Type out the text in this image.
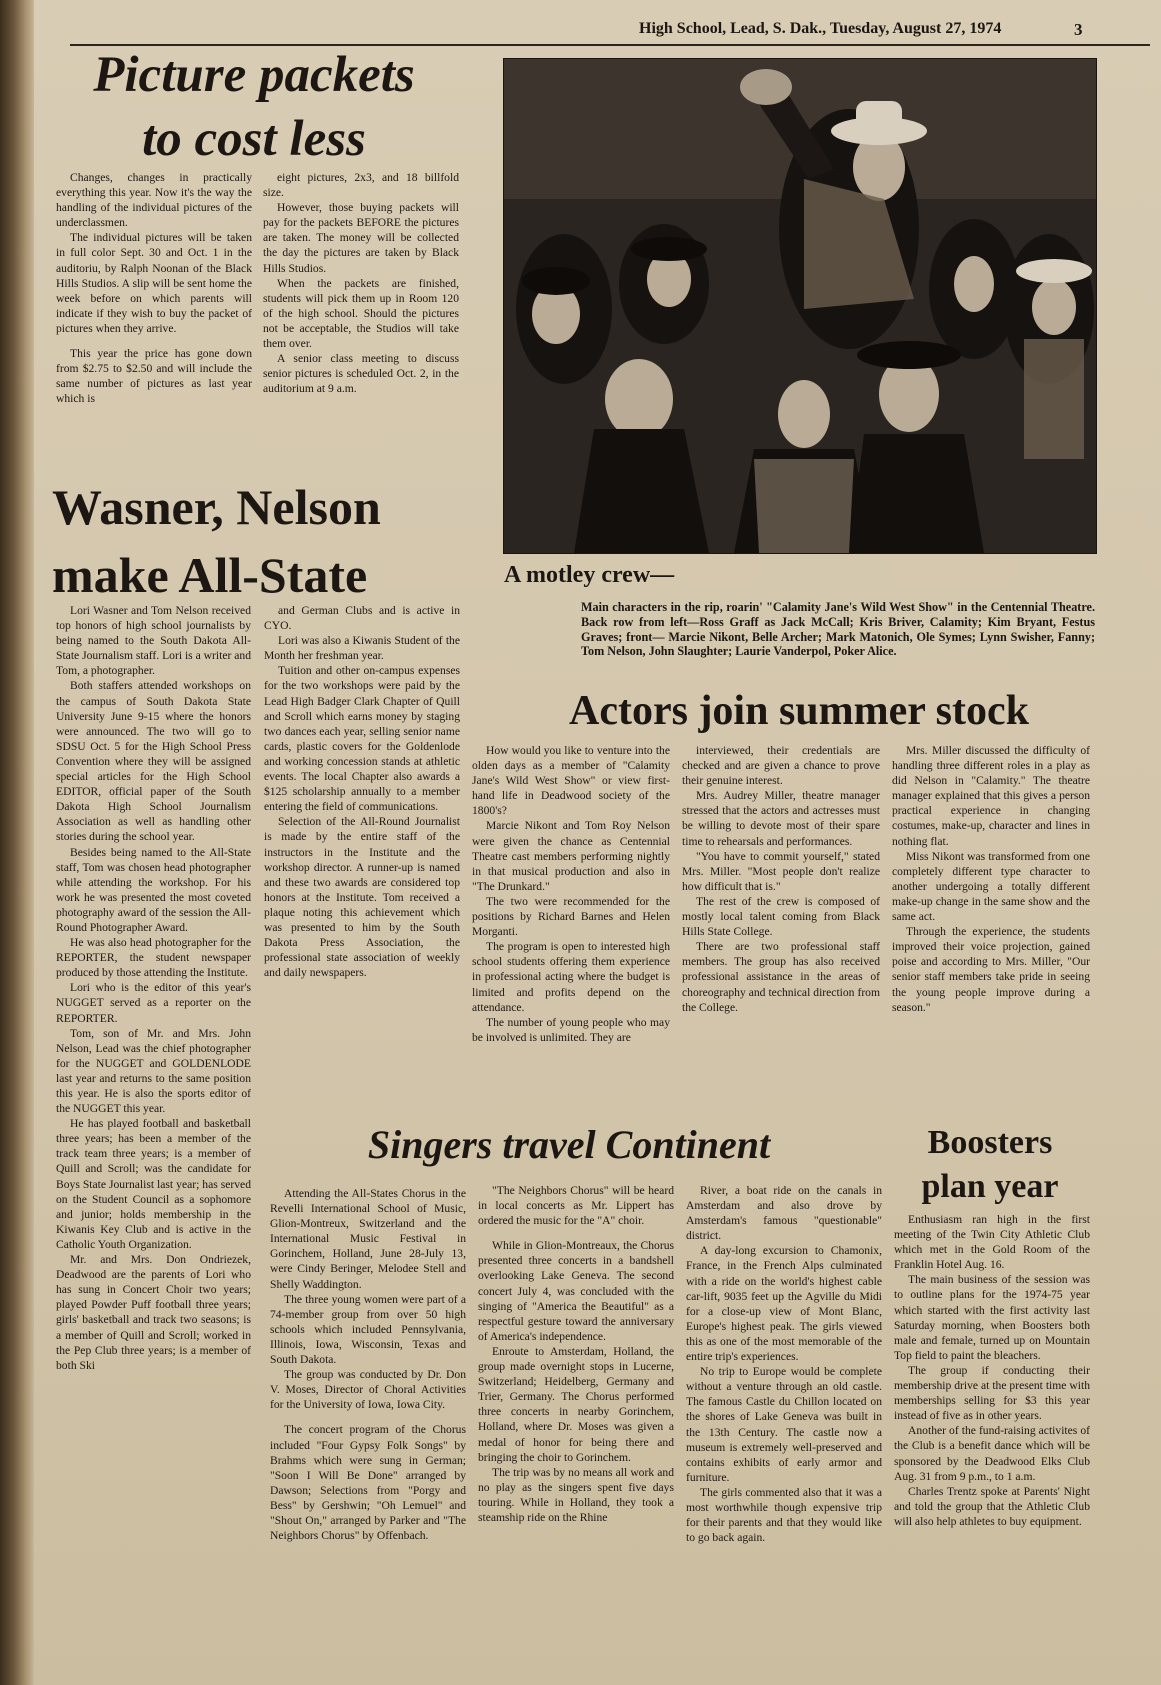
High School, Lead, S. Dak., Tuesday, August 27, 1974	3
Picture packets
to cost less

Changes, changes in practically everything this year. Now it's the way the handling of the individual pictures of the underclassmen.

The individual pictures will be taken in full color Sept. 30 and Oct. 1 in the auditoriu, by Ralph Noonan of the Black Hills Studios. A slip will be sent home the week before on which parents will indicate if they wish to buy the packet of pictures when they arrive.

This year the price has gone down from $2.75 to $2.50 and will include the same number of pictures as last year which is

eight pictures, 2x3, and 18 billfold size.

However, those buying packets will pay for the packets BEFORE the pictures are taken. The money will be collected the day the pictures are taken by Black Hills Studios.

When the packets are finished, students will pick them up in Room 120 of the high school. Should the pictures not be acceptable, the Studios will take them over.

A senior class meeting to discuss senior pictures is scheduled Oct. 2, in the auditorium at 9 a.m.

A motley crew—
Main characters in the rip, roarin' "Calamity Jane's Wild West Show" in the Centennial Theatre. Back row from left—Ross Graff as Jack McCall; Kris Briver, Calamity; Kim Bryant, Festus Graves; front— Marcie Nikont, Belle Archer; Mark Matonich, Ole Symes; Lynn Swisher, Fanny; Tom Nelson, John Slaughter; Laurie Vanderpol, Poker Alice.
Wasner, Nelson
make All-State

Lori Wasner and Tom Nelson received top honors of high school journalists by being named to the South Dakota All-State Journalism staff. Lori is a writer and Tom, a photographer.

Both staffers attended workshops on the campus of South Dakota State University June 9-15 where the honors were announced. The two will go to SDSU Oct. 5 for the High School Press Convention where they will be assigned special articles for the High School EDITOR, official paper of the South Dakota High School Journalism Association as well as handling other stories during the school year.

Besides being named to the All-State staff, Tom was chosen head photographer while attending the workshop. For his work he was presented the most coveted photography award of the session the All-Round Photographer Award.

He was also head photographer for the REPORTER, the student newspaper produced by those attending the Institute.

Lori who is the editor of this year's NUGGET served as a reporter on the REPORTER.

Tom, son of Mr. and Mrs. John Nelson, Lead was the chief photographer for the NUGGET and GOLDENLODE last year and returns to the same position this year. He is also the sports editor of the NUGGET this year.

He has played football and basketball three years; has been a member of the track team three years; is a member of Quill and Scroll; was the candidate for Boys State Journalist last year; has served on the Student Council as a sophomore and junior; holds membership in the Kiwanis Key Club and is active in the Catholic Youth Organization.

Mr. and Mrs. Don Ondriezek, Deadwood are the parents of Lori who has sung in Concert Choir two years; played Powder Puff football three years; girls' basketball and track two seasons; is a member of Quill and Scroll; worked in the Pep Club three years; is a member of both Ski

and German Clubs and is active in CYO.

Lori was also a Kiwanis Student of the Month her freshman year.

Tuition and other on-campus expenses for the two workshops were paid by the Lead High Badger Clark Chapter of Quill and Scroll which earns money by staging two dances each year, selling senior name cards, plastic covers for the Goldenlode and working concession stands at athletic events. The local Chapter also awards a $125 scholarship annually to a member entering the field of communications.

Selection of the All-Round Journalist is made by the entire staff of the instructors in the Institute and the workshop director. A runner-up is named and these two awards are considered top honors at the Institute. Tom received a plaque noting this achievement which was presented to him by the South Dakota Press Association, the professional state association of weekly and daily newspapers.

Actors join summer stock

How would you like to venture into the olden days as a member of "Calamity Jane's Wild West Show" or view first-hand life in Deadwood society of the 1800's?

Marcie Nikont and Tom Roy Nelson were given the chance as Centennial Theatre cast members performing nightly in that musical production and also in "The Drunkard."

The two were recommended for the positions by Richard Barnes and Helen Morganti.

The program is open to interested high school students offering them experience in professional acting where the budget is limited and profits depend on the attendance.

The number of young people who may be involved is unlimited. They are

interviewed, their credentials are checked and are given a chance to prove their genuine interest.

Mrs. Audrey Miller, theatre manager stressed that the actors and actresses must be willing to devote most of their spare time to rehearsals and performances.

"You have to commit yourself," stated Mrs. Miller. "Most people don't realize how difficult that is."

The rest of the crew is composed of mostly local talent coming from Black Hills State College.

There are two professional staff members. The group has also received professional assistance in the areas of choreography and technical direction from the College.

Mrs. Miller discussed the difficulty of handling three different roles in a play as did Nelson in "Calamity." The theatre manager explained that this gives a person practical experience in changing costumes, make-up, character and lines in nothing flat.

Miss Nikont was transformed from one completely different type character to another undergoing a totally different make-up change in the same show and the same act.

Through the experience, the students improved their voice projection, gained poise and according to Mrs. Miller, "Our senior staff members take pride in seeing the young people improve during a season."

Singers travel Continent

Attending the All-States Chorus in the Revelli International School of Music, Glion-Montreux, Switzerland and the International Music Festival in Gorinchem, Holland, June 28-July 13, were Cindy Beringer, Melodee Stell and Shelly Waddington.

The three young women were part of a 74-member group from over 50 high schools which included Pennsylvania, Illinois, Iowa, Wisconsin, Texas and South Dakota.

The group was conducted by Dr. Don V. Moses, Director of Choral Activities for the University of Iowa, Iowa City.

The concert program of the Chorus included "Four Gypsy Folk Songs" by Brahms which were sung in German; "Soon I Will Be Done" arranged by Dawson; Selections from "Porgy and Bess" by Gershwin; "Oh Lemuel" and "Shout On," arranged by Parker and "The Neighbors Chorus" by Offenbach.

"The Neighbors Chorus" will be heard in local concerts as Mr. Lippert has ordered the music for the "A" choir.

While in Glion-Montreaux, the Chorus presented three concerts in a bandshell overlooking Lake Geneva. The second concert July 4, was concluded with the singing of "America the Beautiful" as a respectful gesture toward the anniversary of America's independence.

Enroute to Amsterdam, Holland, the group made overnight stops in Lucerne, Switzerland; Heidelberg, Germany and Trier, Germany. The Chorus performed three concerts in nearby Gorinchem, Holland, where Dr. Moses was given a medal of honor for being there and bringing the choir to Gorinchem.

The trip was by no means all work and no play as the singers spent five days touring. While in Holland, they took a steamship ride on the Rhine

River, a boat ride on the canals in Amsterdam and also drove by Amsterdam's famous "questionable" district.

A day-long excursion to Chamonix, France, in the French Alps culminated with a ride on the world's highest cable car-lift, 9035 feet up the Agville du Midi for a close-up view of Mont Blanc, Europe's highest peak. The girls viewed this as one of the most memorable of the entire trip's experiences.

No trip to Europe would be complete without a venture through an old castle. The famous Castle du Chillon located on the shores of Lake Geneva was built in the 13th Century. The castle now a museum is extremely well-preserved and contains exhibits of early armor and furniture.

The girls commented also that it was a most worthwhile though expensive trip for their parents and that they would like to go back again.

Boosters
plan year

Enthusiasm ran high in the first meeting of the Twin City Athletic Club which met in the Gold Room of the Franklin Hotel Aug. 16.

The main business of the session was to outline plans for the 1974-75 year which started with the first activity last Saturday morning, when Boosters both male and female, turned up on Mountain Top field to paint the bleachers.

The group if conducting their membership drive at the present time with memberships selling for $3 this year instead of five as in other years.

Another of the fund-raising activites of the Club is a benefit dance which will be sponsored by the Deadwood Elks Club Aug. 31 from 9 p.m., to 1 a.m.

Charles Trentz spoke at Parents' Night and told the group that the Athletic Club will also help athletes to buy equipment.
